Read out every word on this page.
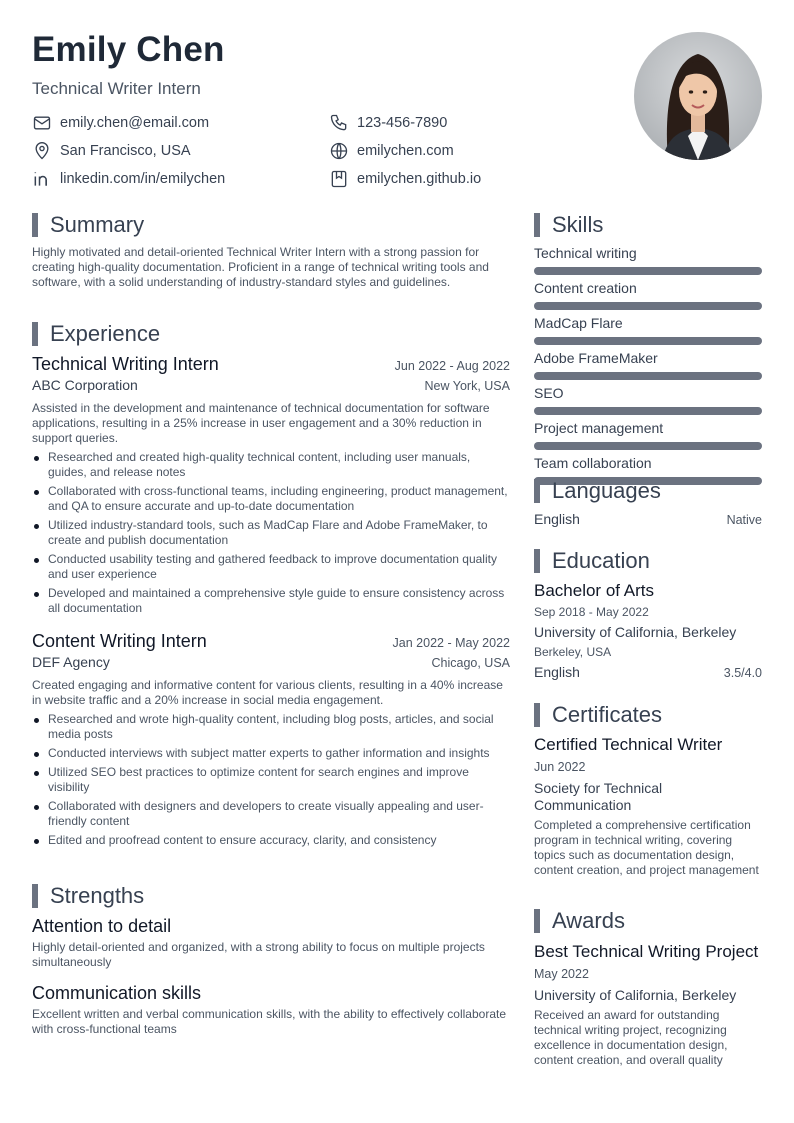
Emily Chen
Technical Writer Intern
emily.chen@email.com	123-456-7890
San Francisco, USA	emilychen.com
linkedin.com/in/emilychen	emilychen.github.io
Summary
Highly motivated and detail-oriented Technical Writer Intern with a strong passion for creating high-quality documentation. Proficient in a range of technical writing tools and software, with a solid understanding of industry-standard styles and guidelines.
Experience
Technical Writing Intern	Jun 2022 - Aug 2022
ABC Corporation	New York, USA
Assisted in the development and maintenance of technical documentation for software applications, resulting in a 25% increase in user engagement and a 30% reduction in support queries.
Researched and created high-quality technical content, including user manuals, guides, and release notes
Collaborated with cross-functional teams, including engineering, product management, and QA to ensure accurate and up-to-date documentation
Utilized industry-standard tools, such as MadCap Flare and Adobe FrameMaker, to create and publish documentation
Conducted usability testing and gathered feedback to improve documentation quality and user experience
Developed and maintained a comprehensive style guide to ensure consistency across all documentation
Content Writing Intern	Jan 2022 - May 2022
DEF Agency	Chicago, USA
Created engaging and informative content for various clients, resulting in a 40% increase in website traffic and a 20% increase in social media engagement.
Researched and wrote high-quality content, including blog posts, articles, and social media posts
Conducted interviews with subject matter experts to gather information and insights
Utilized SEO best practices to optimize content for search engines and improve visibility
Collaborated with designers and developers to create visually appealing and user-friendly content
Edited and proofread content to ensure accuracy, clarity, and consistency
Strengths
Attention to detail
Highly detail-oriented and organized, with a strong ability to focus on multiple projects simultaneously
Communication skills
Excellent written and verbal communication skills, with the ability to effectively collaborate with cross-functional teams
Skills
Technical writing
Content creation
MadCap Flare
Adobe FrameMaker
SEO
Project management
Team collaboration
Languages
English	Native
Education
Bachelor of Arts
Sep 2018 - May 2022
University of California, Berkeley
Berkeley, USA
English	3.5/4.0
Certificates
Certified Technical Writer
Jun 2022
Society for Technical Communication
Completed a comprehensive certification program in technical writing, covering topics such as documentation design, content creation, and project management
Awards
Best Technical Writing Project
May 2022
University of California, Berkeley
Received an award for outstanding technical writing project, recognizing excellence in documentation design, content creation, and overall quality
